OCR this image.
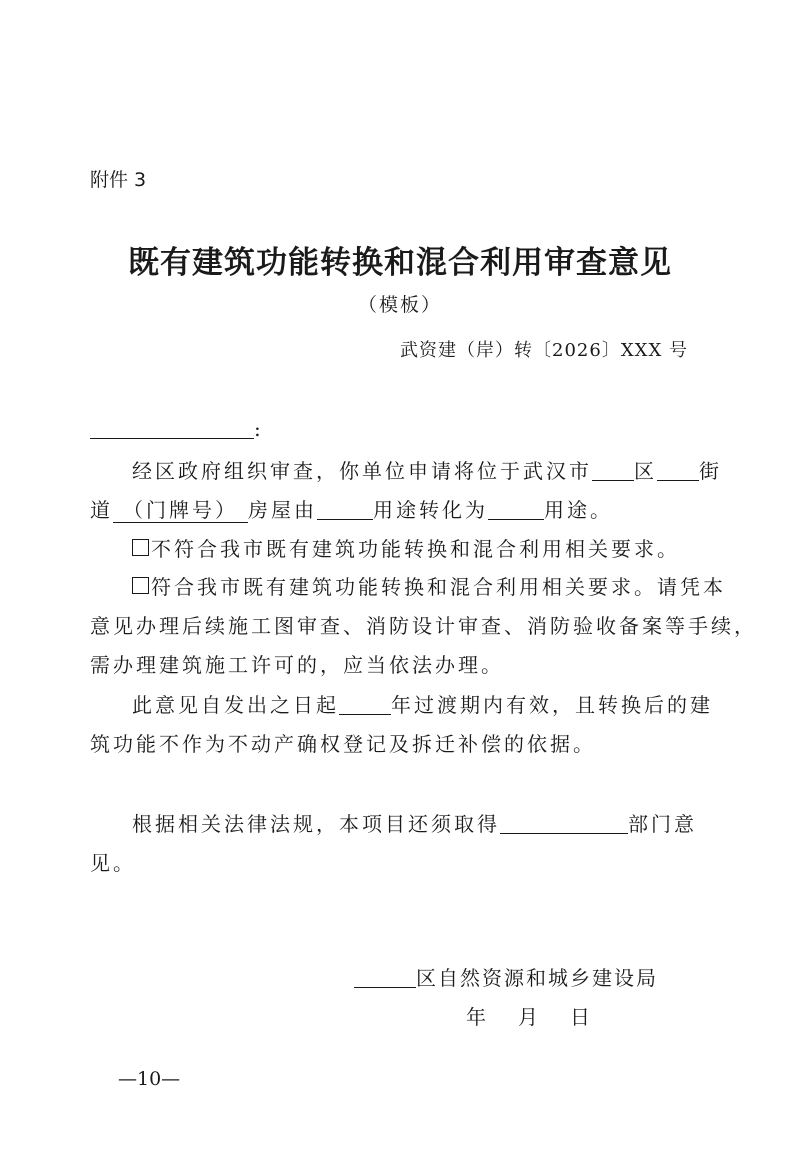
附件 3
既有建筑功能转换和混合利用审查意见
（模板）
武资建（岸）转〔2026〕XXX 号
:
经区政府组织审查，你单位申请将位于武汉市 区 街
道 （门牌号） 房屋由	用途转化为	用途。
不符合我市既有建筑功能转换和混合利用相关要求。
符合我市既有建筑功能转换和混合利用相关要求。请凭本
意见办理后续施工图审查、消防设计审查、消防验收备案等手续，
需办理建筑施工许可的，应当依法办理。
此意见自发出之日起	年过渡期内有效，且转换后的建
筑功能不作为不动产确权登记及拆迁补偿的依据。
根据相关法律法规，本项目还须取得	部门意
见。
区自然资源和城乡建设局
年 月 日
—10—
